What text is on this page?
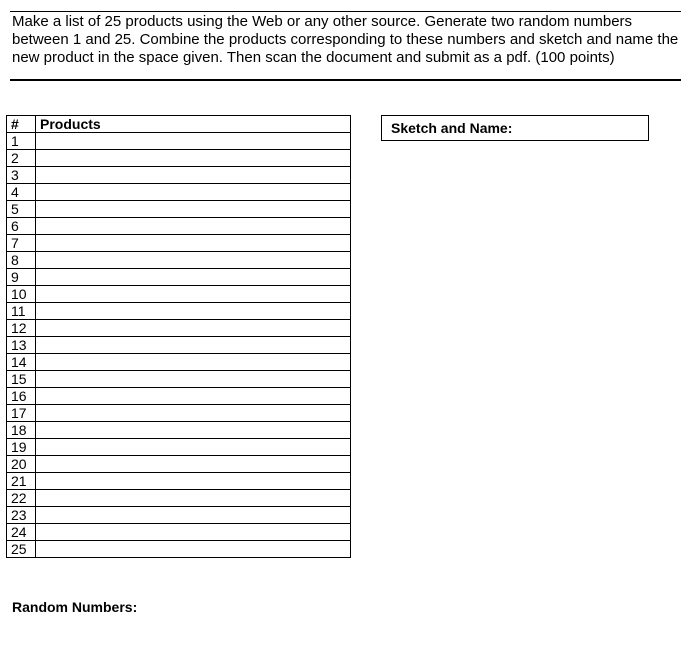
Make a list of 25 products using the Web or any other source. Generate two random numbers between 1 and 25. Combine the products corresponding to these numbers and sketch and name the new product in the space given. Then scan the document and submit as a pdf. (100 points)

#	Products
1	
2	
3	
4	
5	
6	
7	
8	
9	
10	
11	
12	
13	
14	
15	
16	
17	
18	
19	
20	
21	
22	
23	
24	
25	
Sketch and Name:
Random Numbers:
